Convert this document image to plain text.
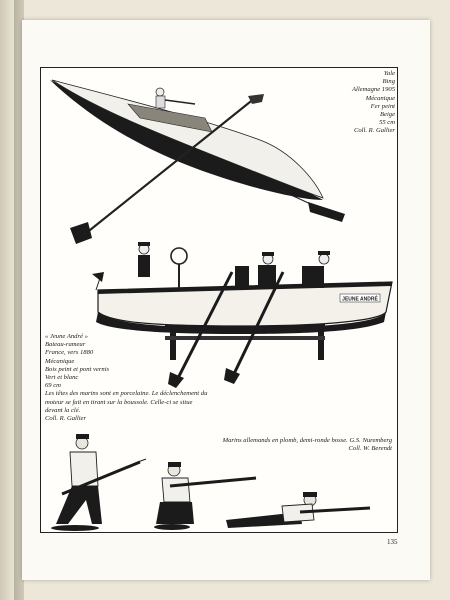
JEUNE ANDRÉ

Yale

Bing

Allemagne 1905

Mécanique

Fer peint

Beige

55 cm

Coll. R. Gallier

« Jeune André »

Bateau-rameur

France, vers 1880

Mécanique

Bois peint et pont vernis

Vert et blanc

69 cm

Les têtes des marins sont en porcelaine. Le déclenchement du

moteur se fait en tirant sur la boussole. Celle-ci se situe

devant la clé.

Coll. R. Gallier

Marins allemands en plomb, demi-ronde bosse. G.S. Nuremberg

Coll. W. Berendt

135
